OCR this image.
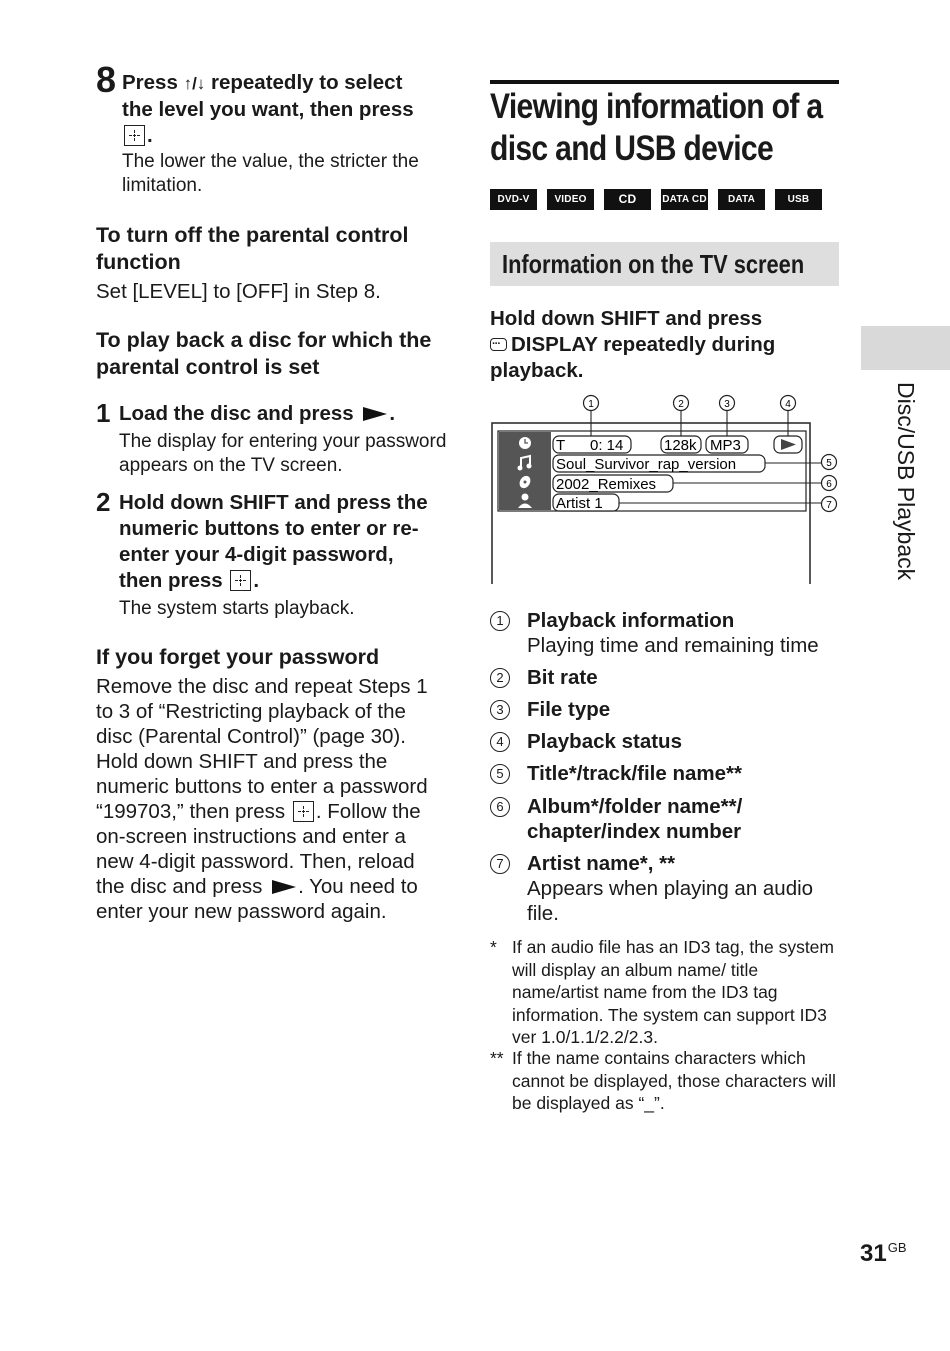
8 Press ↑/↓ repeatedly to select
the level you want, then press
.
The lower the value, the stricter the limitation.
To turn off the parental control function
Set [LEVEL] to [OFF] in Step 8.
To play back a disc for which the parental control is set
1 Load the disc and press .
The display for entering your password appears on the TV screen.
2 Hold down SHIFT and press the numeric buttons to enter or re-enter your 4-digit password, then press .
The system starts playback.
If you forget your password
Remove the disc and repeat Steps 1 to 3 of “Restricting playback of the disc (Parental Control)” (page 30). Hold down SHIFT and press the numeric buttons to enter a password “199703,” then press . Follow the on-screen instructions and enter a new 4-digit password. Then, reload the disc and press . You need to enter your new password again.
Viewing information of a disc and USB device
DVD-V	VIDEO CD
CD	DATA CD	DATA DVD
USB
Information on the TV screen
Hold down SHIFT and press
···DISPLAY repeatedly during playback.
1	2	3	4
T 0: 14	128k MP3
Soul_Survivor_rap_version
2002_Remixes
Artist 1
5
6
7
1	Playback information
Playing time and remaining time
2	Bit rate
3	File type
4	Playback status
5	Title*/track/file name**
6	Album*/folder name**/ chapter/index number
7	Artist name*, **
Appears when playing an audio file.
* If an audio file has an ID3 tag, the system will display an album name/ title name/artist name from the ID3 tag information. The system can support ID3 ver 1.0/1.1/2.2/2.3.
** If the name contains characters which cannot be displayed, those characters will be displayed as “_”.
Disc/USB Playback
$31^{GB}$
